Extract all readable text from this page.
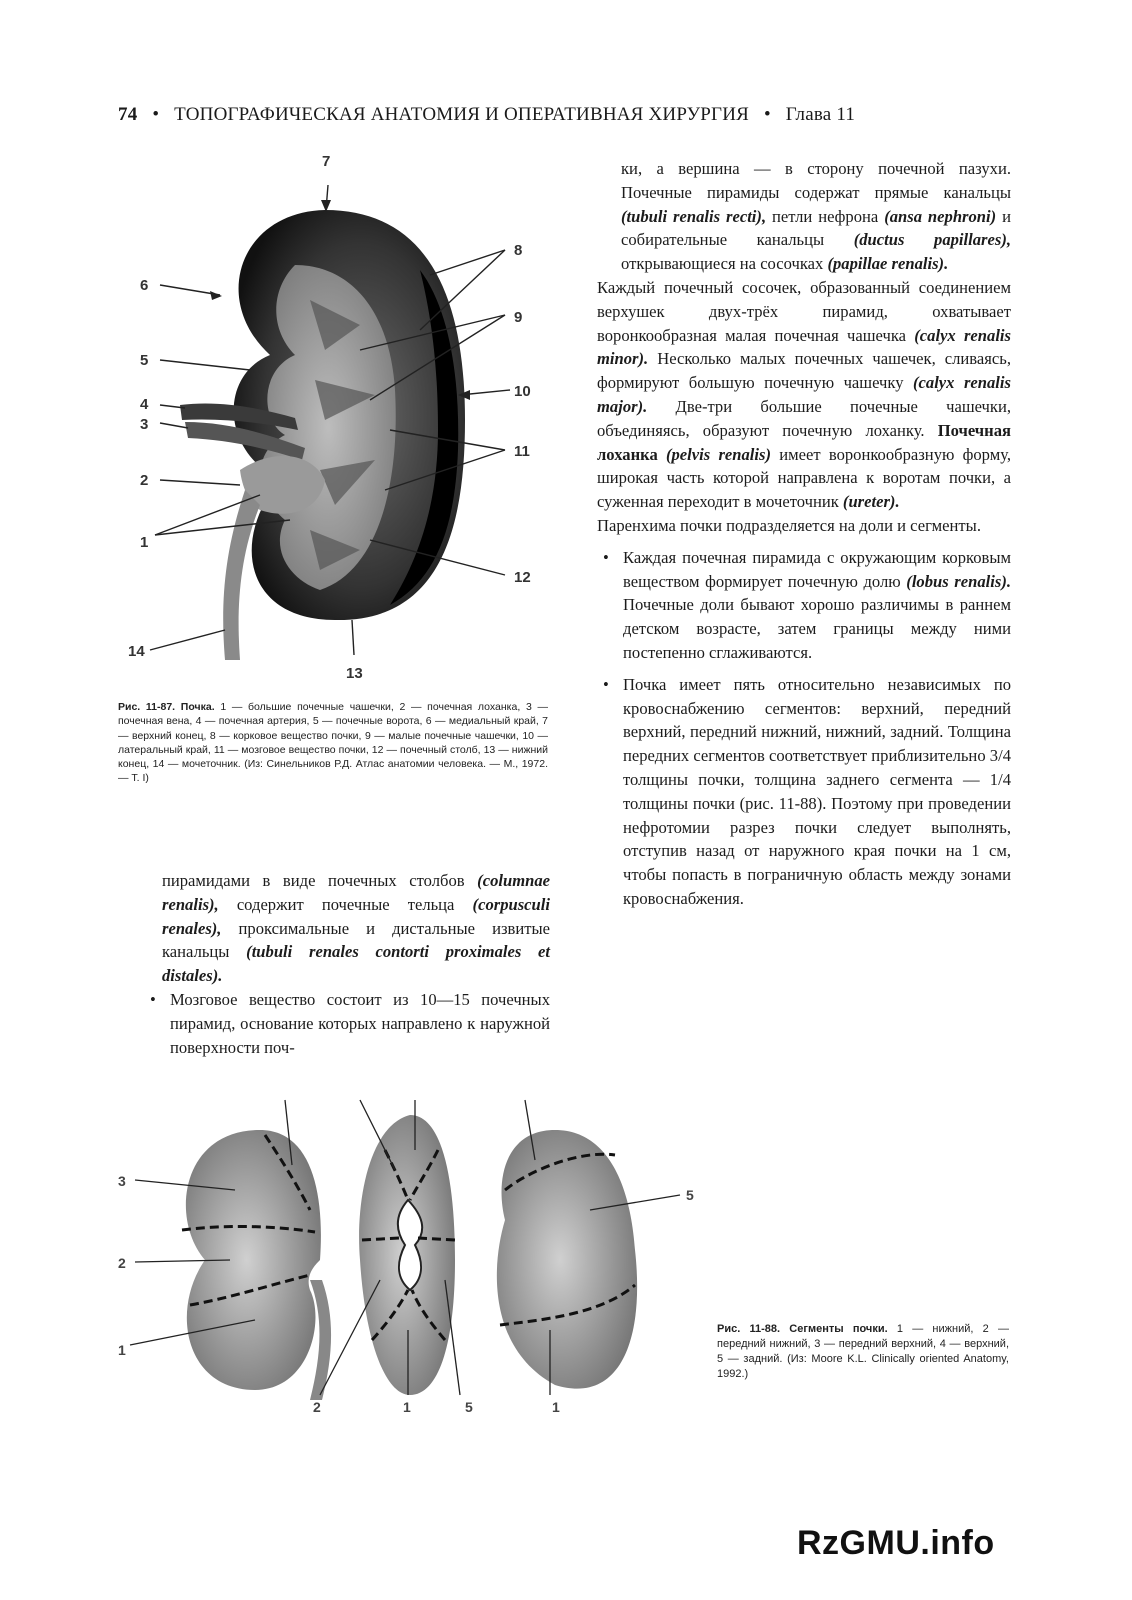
74 • ТОПОГРАФИЧЕСКАЯ АНАТОМИЯ И ОПЕРАТИВНАЯ ХИРУРГИЯ • Глава 11
7
6
5
4
3
2
1
8
9
10
11
12
13
14
Рис. 11-87. Почка. 1 — большие почечные чашечки, 2 — почечная лоханка, 3 — почечная вена, 4 — почечная артерия, 5 — почечные ворота, 6 — медиальный край, 7 — верхний конец, 8 — корковое вещество почки, 9 — малые почечные чашечки, 10 — латеральный край, 11 — мозговое вещество почки, 12 — почечный столб, 13 — нижний конец, 14 — мочеточник. (Из: Синельников Р.Д. Атлас анатомии человека. — М., 1972. — Т. I)

пирамидами в виде почечных столбов (columnae renalis), содержит почечные тельца (corpusculi renales), проксимальные и дистальные извитые канальцы (tubuli renales contorti proximales et distales).

• Мозговое вещество состоит из 10—15 почечных пирамид, основание которых направлено к наружной поверхности поч-

ки, а вершина — в сторону почечной пазухи. Почечные пирамиды содержат прямые канальцы (tubuli renalis recti), петли нефрона (ansa nephroni) и собирательные канальцы (ductus papillares), открывающиеся на сосочках (papillae renalis).

Каждый почечный сосочек, образованный соединением верхушек двух-трёх пирамид, охватывает воронкообразная малая почечная чашечка (calyx renalis minor). Несколько малых почечных чашечек, сливаясь, формируют большую почечную чашечку (calyx renalis major). Две-три большие почечные чашечки, объединяясь, образуют почечную лоханку. Почечная лоханка (pelvis renalis) имеет воронкообразную форму, широкая часть которой направлена к воротам почки, а суженная переходит в мочеточник (ureter).

Паренхима почки подразделяется на доли и сегменты.

• Каждая почечная пирамида с окружающим корковым веществом формирует почечную долю (lobus renalis). Почечные доли бывают хорошо различимы в раннем детском возрасте, затем границы между ними постепенно сглаживаются.

• Почка имеет пять относительно независимых по кровоснабжению сегментов: верхний, передний верхний, передний нижний, нижний, задний. Толщина передних сегментов соответствует приблизительно 3/4 толщины почки, толщина заднего сегмента — 1/4 толщины почки (рис. 11-88). Поэтому при проведении нефротомии разрез почки следует выполнять, отступив назад от наружного края почки на 1 см, чтобы попасть в пограничную область между зонами кровоснабжения.

3
2
1
2	1	5	1
5
Рис. 11-88. Сегменты почки. 1 — нижний, 2 — передний нижний, 3 — передний верхний, 4 — верхний, 5 — задний. (Из: Moore K.L. Clinically oriented Anatomy, 1992.)
RzGMU.info
